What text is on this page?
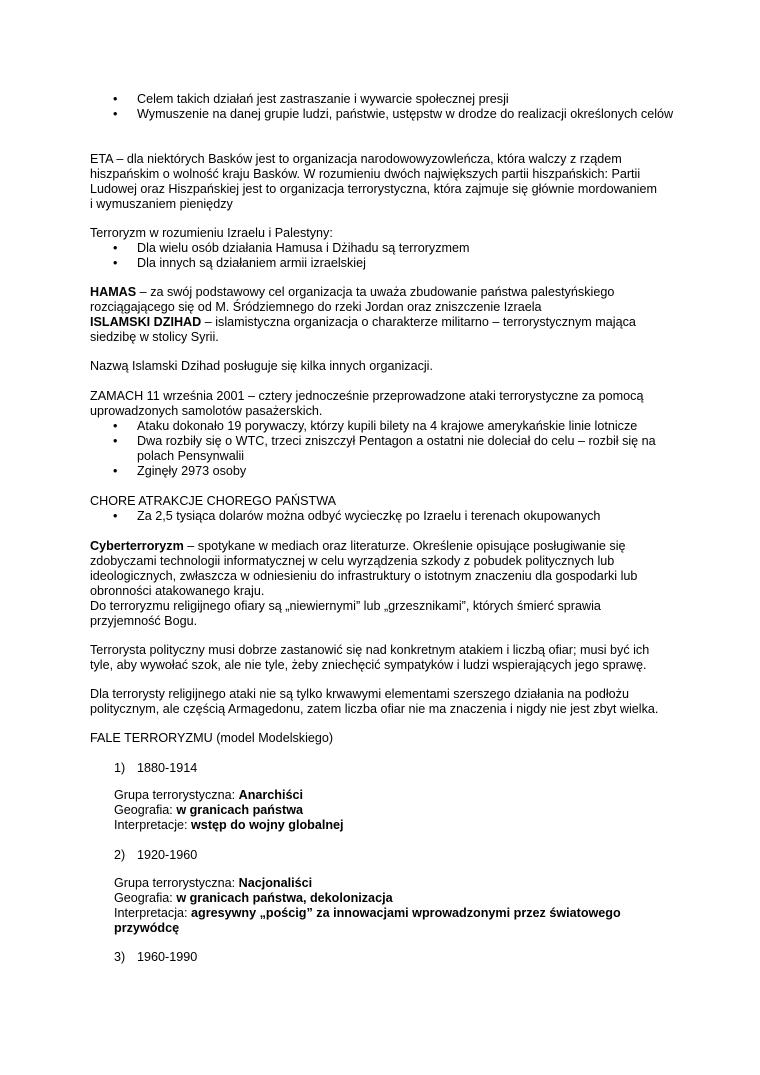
• Celem takich działań jest zastraszanie i wywarcie społecznej presji
• Wymuszenie na danej grupie ludzi, państwie, ustępstw w drodze do realizacji określonych celów
ETA – dla niektórych Basków jest to organizacja narodowowyzowleńcza, która walczy z rządem
hiszpańskim o wolność kraju Basków. W rozumieniu dwóch największych partii hiszpańskich: Partii
Ludowej oraz Hiszpańskiej jest to organizacja terrorystyczna, która zajmuje się głównie mordowaniem
i wymuszaniem pieniędzy
Terroryzm w rozumieniu Izraelu i Palestyny:
• Dla wielu osób działania Hamusa i Dżihadu są terroryzmem
• Dla innych są działaniem armii izraelskiej
HAMAS – za swój podstawowy cel organizacja ta uważa zbudowanie państwa palestyńskiego
rozciągającego się od M. Śródziemnego do rzeki Jordan oraz zniszczenie Izraela
ISLAMSKI DZIHAD – islamistyczna organizacja o charakterze militarno – terrorystycznym mająca
siedzibę w stolicy Syrii.
Nazwą Islamski Dzihad posługuje się kilka innych organizacji.
ZAMACH 11 września 2001 – cztery jednocześnie przeprowadzone ataki terrorystyczne za pomocą
uprowadzonych samolotów pasażerskich.
• Ataku dokonało 19 porywaczy, którzy kupili bilety na 4 krajowe amerykańskie linie lotnicze
• Dwa rozbiły się o WTC, trzeci zniszczył Pentagon a ostatni nie doleciał do celu – rozbił się na
polach Pensynwalii
• Zginęły 2973 osoby
CHORE ATRAKCJE CHOREGO PAŃSTWA
• Za 2,5 tysiąca dolarów można odbyć wycieczkę po Izraelu i terenach okupowanych
Cyberterroryzm – spotykane w mediach oraz literaturze. Określenie opisujące posługiwanie się
zdobyczami technologii informatycznej w celu wyrządzenia szkody z pobudek politycznych lub
ideologicznych, zwłaszcza w odniesieniu do infrastruktury o istotnym znaczeniu dla gospodarki lub
obronności atakowanego kraju.
Do terroryzmu religijnego ofiary są „niewiernymi” lub „grzesznikami”, których śmierć sprawia
przyjemność Bogu.
Terrorysta polityczny musi dobrze zastanowić się nad konkretnym atakiem i liczbą ofiar; musi być ich
tyle, aby wywołać szok, ale nie tyle, żeby zniechęcić sympatyków i ludzi wspierających jego sprawę.
Dla terrorysty religijnego ataki nie są tylko krwawymi elementami szerszego działania na podłożu
politycznym, ale częścią Armagedonu, zatem liczba ofiar nie ma znaczenia i nigdy nie jest zbyt wielka.
FALE TERRORYZMU (model Modelskiego)
1) 1880-1914
Grupa terrorystyczna: Anarchiści
Geografia: w granicach państwa
Interpretacje: wstęp do wojny globalnej
2) 1920-1960
Grupa terrorystyczna: Nacjonaliści
Geografia: w granicach państwa, dekolonizacja
Interpretacja: agresywny „pościg” za innowacjami wprowadzonymi przez światowego
przywódcę
3) 1960-1990
